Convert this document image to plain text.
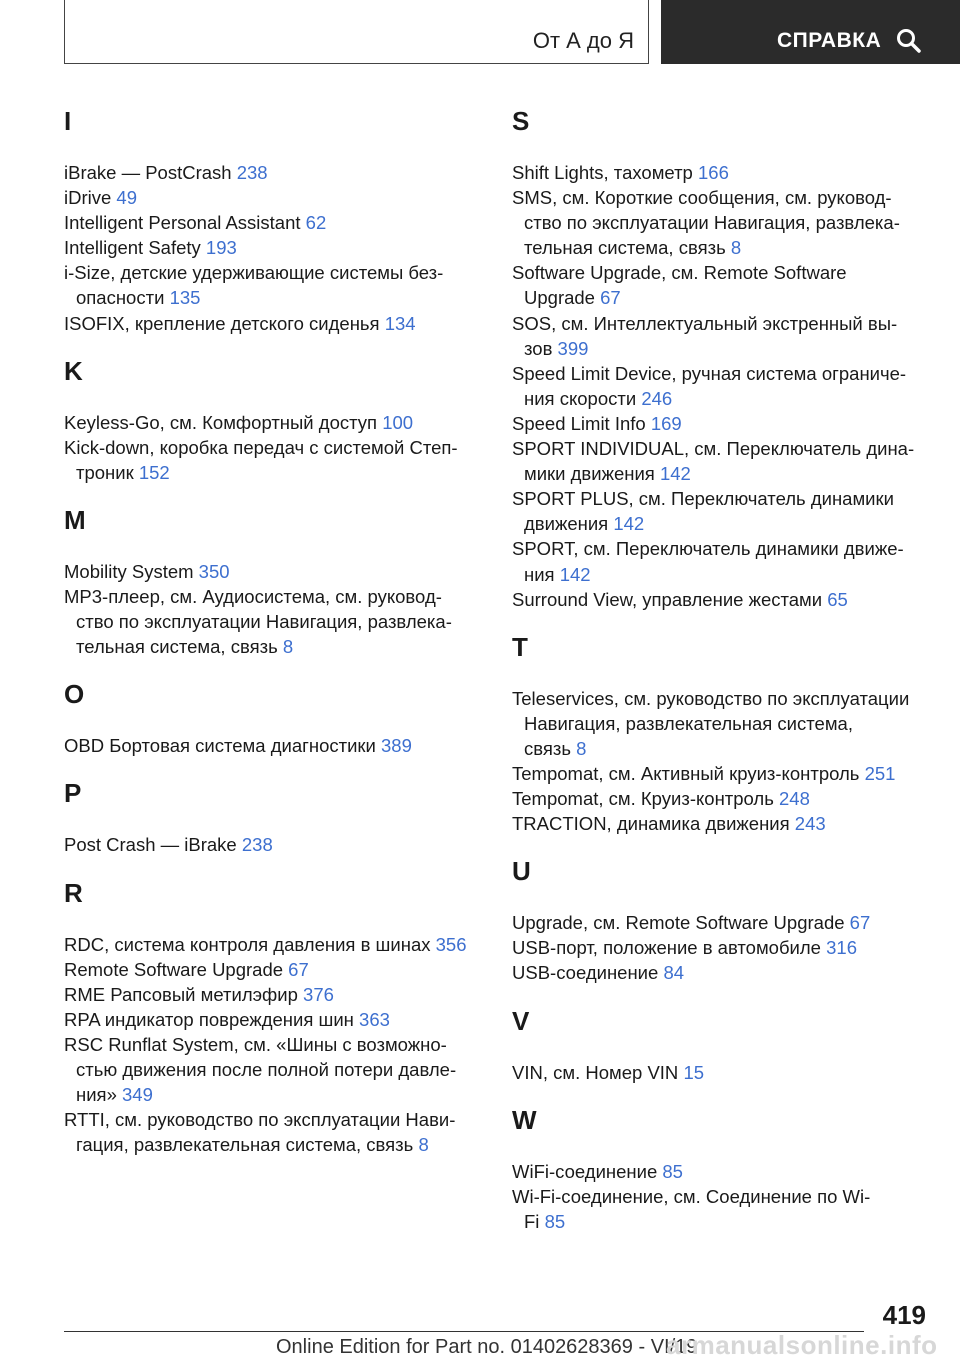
От А до Я	СПРАВКА
I
iBrake — PostCrash 238
iDrive 49
Intelligent Personal Assistant 62
Intelligent Safety 193
i-Size, детские удерживающие системы без-
опасности 135
ISOFIX, крепление детского сиденья 134
K
Keyless-Go, см. Комфортный доступ 100
Kick-down, коробка передач с системой Степ-
троник 152
M
Mobility System 350
MP3-плеер, см. Аудиосистема, см. руковод-
ство по эксплуатации Навигация, развлека-
тельная система, связь 8
O
OBD Бортовая система диагностики 389
P
Post Crash — iBrake 238
R
RDC, система контроля давления в шинах 356
Remote Software Upgrade 67
RME Рапсовый метилэфир 376
RPA индикатор повреждения шин 363
RSC Runflat System, см. «Шины с возможно-
стью движения после полной потери давле-
ния» 349
RTTI, см. руководство по эксплуатации Нави-
гация, развлекательная система, связь 8
S
Shift Lights, тахометр 166
SMS, см. Короткие сообщения, см. руковод-
ство по эксплуатации Навигация, развлека-
тельная система, связь 8
Software Upgrade, см. Remote Software
Upgrade 67
SOS, см. Интеллектуальный экстренный вы-
зов 399
Speed Limit Device, ручная система ограниче-
ния скорости 246
Speed Limit Info 169
SPORT INDIVIDUAL, см. Переключатель дина-
мики движения 142
SPORT PLUS, см. Переключатель динамики
движения 142
SPORT, см. Переключатель динамики движе-
ния 142
Surround View, управление жестами 65
T
Teleservices, см. руководство по эксплуатации
Навигация, развлекательная система,
связь 8
Tempomat, см. Активный круиз-контроль 251
Tempomat, см. Круиз-контроль 248
TRACTION, динамика движения 243
U
Upgrade, см. Remote Software Upgrade 67
USB-порт, положение в автомобиле 316
USB-соединение 84
V
VIN, см. Номер VIN 15
W
WiFi-соединение 85
Wi-Fi-соединение, см. Соединение по Wi-
Fi 85
419
Online Edition for Part no. 01402628369 - VI/19
armanualsonline.info
